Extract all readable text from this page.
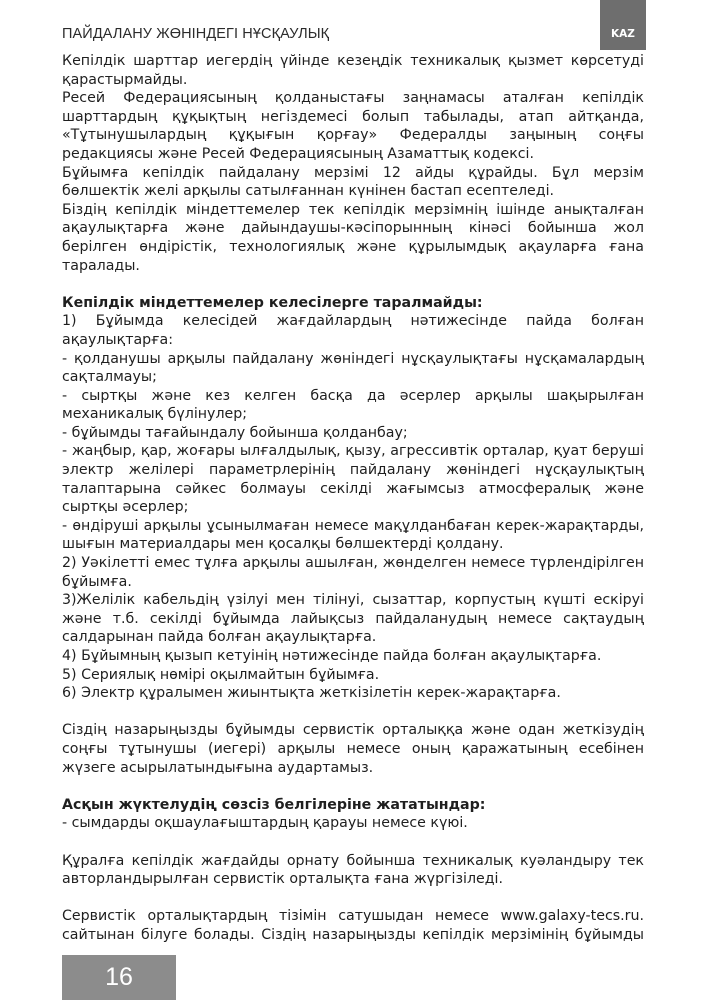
ПАЙДАЛАНУ ЖӨНІНДЕГІ НҰСҚАУЛЫҚ	KAZ

Кепілдік шарттар иегердің үйінде кезеңдік техникалық қызмет көрсетуді қарастырмайды.

Ресей Федерациясының қолданыстағы заңнамасы аталған кепілдік шарттардың құқықтың негіздемесі болып табылады, атап айтқанда, «Тұтынушылардың құқығын қорғау» Федералды заңының соңғы редакциясы және Ресей Федерациясының Азаматтық кодексі.

Бұйымға кепілдік пайдалану мерзімі 12 айды құрайды. Бұл мерзім бөлшектік желі арқылы сатылғаннан күнінен бастап есептеледі.

Біздің кепілдік міндеттемелер тек кепілдік мерзімнің ішінде анықталған ақаулықтарға және дайындаушы-кәсіпорынның кінәсі бойынша жол берілген өндірістік, технологиялық және құрылымдық ақауларға ғана таралады.

Кепілдік міндеттемелер келесілерге таралмайды:

1) Бұйымда келесідей жағдайлардың нәтижесінде пайда болған ақаулықтарға:

- қолданушы арқылы пайдалану жөніндегі нұсқаулықтағы нұсқамалардың сақталмауы;

- сыртқы және кез келген басқа да әсерлер арқылы шақырылған механикалық бүлінулер;

- бұйымды тағайындалу бойынша қолданбау;

- жаңбыр, қар, жоғары ылғалдылық, қызу, агрессивтік орталар, қуат беруші электр желілері параметрлерінің пайдалану жөніндегі нұсқаулықтың талаптарына сәйкес болмауы секілді жағымсыз атмосфералық және сыртқы әсерлер;

- өндіруші арқылы ұсынылмаған немесе мақұлданбаған керек-жарақтарды, шығын материалдары мен қосалқы бөлшектерді қолдану.

2) Уәкілетті емес тұлға арқылы ашылған, жөнделген немесе түрлендірілген бұйымға.

3)Желілік кабельдің үзілуі мен тілінуі, сызаттар, корпустың күшті ескіруі және т.б. секілді бұйымда лайықсыз пайдаланудың немесе сақтаудың салдарынан пайда болған ақаулықтарға.

4) Бұйымның қызып кетуінің нәтижесінде пайда болған ақаулықтарға.

5) Сериялық нөмірі оқылмайтын бұйымға.

6) Электр құралымен жиынтықта жеткізілетін керек-жарақтарға.

Сіздің назарыңызды бұйымды сервистік орталыққа және одан жеткізудің соңғы тұтынушы (иегері) арқылы немесе оның қаражатының есебінен жүзеге асырылатындығына аудартамыз.

Асқын жүктелудің сөзсіз белгілеріне жататындар:

- сымдарды оқшаулағыштардың қарауы немесе күюі.

Құралға кепілдік жағдайды орнату бойынша техникалық куәландыру тек авторландырылған сервистік орталықта ғана жүргізіледі.

Сервистік орталықтардың тізімін сатушыдан немесе www.galaxy-tecs.ru. сайтынан білуге болады. Сіздің назарыңызды кепілдік мерзімінің бұйымды

16
